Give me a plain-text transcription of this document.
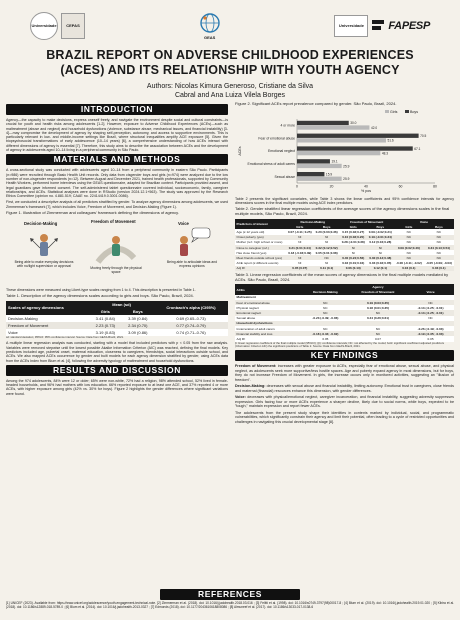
Universidade CEPAS
GEAS
Universidade FAPESP
BRAZIL REPORT ON ADVERSE CHILDHOOD EXPERIENCES
(ACES) AND ITS RELATIONSHIP WITH YOUTH AGENCY
Authors: Nicolas Kimura Generoso, Cristiane da Silva
Cabral and Ana Luiza Vilela Borges
INTRODUCTION

Agency—the capacity to make decisions, express oneself freely, and navigate the environment despite social and cultural constraints—is crucial for youth and health risks among adolescents [1-2]. However, exposure to Adverse Childhood Experiences (ACEs)—such as maltreatment (abuse and neglect) and household dysfunctions (violence, substance abuse, mechanical issues, and financial instability) [3-4]—may compromise the development of agency by shaping self-perception, autonomy, and access to supportive environments. This is particularly relevant in low- and middle-income settings like Brazil, where structural inequalities amplify ACE exposure [5]. Given the biopsychosocial transformations of early adolescence (10–14 years) [6], a comprehensive understanding of how ACEs interact with different dimensions of agency is essential [7]. Therefore, this study aims to describe the association between ACEs and the development of agency in adolescents aged 10–14 living in a peripheral community in São Paulo.

MATERIALS AND METHODS

A cross-sectional study was conducted with adolescents aged 10–14 from a peripheral community in eastern São Paulo. Participants (n=986) were recruited through Basic Health Unit records. Only data from cisgender boys and girls (n=974) were analyzed due to the low number of non-cisgender respondents (n=12). Between August and December 2021, trained health professionals, supported by Community Health Workers, performed home interviews using the GEAS questionnaire, adapted for Brazilian context. Participants provided assent, and legal guardians gave informed consent. The self-administered tablet questionnaire covered individual, socioeconomic, family, caregiver relationships, and ACEs. Statistical analyses were done in RStudio (version 2024.12.1+563). The study was approved by the Research Ethics Committee (opinion no. 4.881.519; CAAE no. 22414419.0.3001.0086).

First, we conducted a descriptive analysis of all predictors stratified by gender. To analyze agency dimensions among adolescents, we used Zimmerman's framework [7], which includes Voice, Freedom of Movement, and Decision-Making (Figure 1).

Figure 1. Illustration of Zimmerman and colleagues' framework defining the dimensions of agency.

Decision-Making	Freedom of Movement	Voice
Being able to make everyday decisions with no/light supervision or approval	Moving freely through the physical space
Being able to articulate ideas and express opinions

These dimensions were measured using Likert-type scales ranging from 1 to 4. This description is presented in Table 1.

Table 1. Description of the agency dimensions scales according to girls and boys. São Paulo, Brazil, 2024.

Scales of agency dimensions	Mean (sd)		Cronbach's alpha (CI95%)
	Girls	Boys	
Decision-Making	3.41 (0.84)	3.39 (0.84)	0.69 (0.65–0.73)
Freedom of Movement	2.23 (0.73)	2.34 (0.70)	0.77 (0.74–0.79)
Voice	3.19 (0.83)	3.09 (0.86)	0.74 (0.71–0.76)

sd: standard deviation; 95%CI: 95% confidence interval. Source: Data from GEAS-Brazil, 2021.

A multiple linear regression analysis was conducted, starting with a model that included predictors with p < 0.05 from the raw analysis. Variables were removed stepwise until the lowest possible Akaike Information Criterion (AIC) was reached, defining the final models. Key predictors included age, pubertal onset, maternal education, closeness to caregivers, friendships, social interactions outside school, and ACEs. We also mapped ACEs occurrence by gender and built models for each agency dimension stratified by gender, using ACEs data from the ACEs Index from Blum et al. [4], following the adversity typology of maltreatment and household dysfunctions.

RESULTS AND DISCUSSION

Among the 974 adolescents, 84% were 12 or older; 65% were non-white, 72% had a religion, 98% attended school, 52% lived in female-headed households, and 96% had mothers with low education. 66% reported exposure to at least one ACE, and 37% reported 4 or more ACEs, with higher exposure among girls (42% vs. 30% for boys). Figure 2 highlights the gender differences where significant variations were found.

Figure 2. Significant ACEs report prevalence compared by gender. São Paulo, Brazil, 2024.

Girls	Boys
0	20	40	60	80
% pos
ACEs
4 or more
30.0
42.0
Fear of emotional abuse
70.5
51.6
Emotional neglect
67.1
48.3
Emotional stress of adult carers
19.1
25.9
Sexual abuse
15.9
25.9

Table 2 presents the significant covariates, while Table 3 shows the linear coefficients and 95% confidence intervals for agency dimensions scores in the final multiple models using ACE index predictors.

Table 2. Gender stratified linear regression coefficients of the average scores of the agency dimensions scales in the final multiple models, São Paulo, Brazil, 2024.

Predictors of interest	Decision-Making		Freedom of Movement		Voice	
	Girls	Boys	Girls	Boys	Girls	Boys
Age (≥ 12 years old)	0.07 (-0.11; 0.25)	0.20 (0.03;0.36)	0.15 (0.03;0.27)	0.09 (-0.02;0.21)	NC	NC
Onset puberty (yes)	NI	NI	0.10 (0.03;0.20)	0.19 (-0.01;0.34)	NC	NC
Mother (ref.: high school or more)	NI	NI	0.28 (-0.01;0.38)	0.12 (0.04;0.28)	NC	NC
Close to caregiver (ref.)	0.21 (0.01;0.44)	0.32 (0.12;0.52)	NI	NI	0.09 (0.02;0.46)	0.34 (0.13;0.54)
Has close friend (yes)	0.18 (-0.03;0.39)	0.05 (0.01;0.68)	NI	NI	NC	NC
Meet friends outside school (yes)	NI	NC	0.40 (0.24;0.56)	0.30 (0.12;0.48)	NC	NC
ACE report (≥ different events)	NI	NI	0.02 (0.01;0.04)	0.03 (0.02;0.05)	-0.06 (-0.11; -0.02)	-0.05 (-0.09; -0.03)
Adj R²	0.05 (0.07)	0.11 (0.1)	0.06 (0.13)	0.12 (0.1)	0.04 (0.1)	0.03 (0.1)

Table 3. Linear regression coefficients of the mean scores of agency dimensions in the final multiple models mediated by ACEs. São Paulo, Brazil, 2024.

ACEs	Agency		
	Decision-Making	Freedom of Movement	Voice
Maltreatment			
Fear of emotional abuse	NC	0.19 (0.03;0.35)	NC
Physical neglect	NC	0.18 (0.01;0.35)	-0.13 (-0.25; -0.01)
Emotional neglect	NC	NC	-0.13 (-0.25; -0.01)
Sexual abuse	-0.23 (-0.39; -0.06)	0.44 (0.26;0.61)	NC
Household dysfunctions			
Incarceration of adult carers	NC	NC	-0.26 (-0.49; -0.03)
Financial stability and loss	-0.18 (-0.34; -0.02)	NC	-0.19 (-0.35; -0.03)
Adj R²	0.05	0.07	0.05

β: linear regression coefficient of the final multiple model (95%CI); (β): confidence intervals; NC: not affected by the model; bold: significant coefficient adjusted predictors (Information Criterion AIC) the significant predictors of Table 2. Source: Data from GEAS-Brazil, 2021.

KEY FINDINGS

Freedom of Movement: increases with greater exposure to ACEs, especially fear of emotional abuse, sexual abuse, and physical neglect, as adolescents seek more supportive/less hostile spaces. Age and puberty expand agency in most dimensions, but for boys, they do not increase Freedom of Movement. In girls, the increase occurs only in monitored activities, suggesting an "illusion of freedom".

Decision-Making: decreases with sexual abuse and financial instability, limiting autonomy. Emotional trust in caregivers, close friends and maternal (financial) resources enhance this dimension, with gender differences.

Voice: decreases with physical/emotional neglect, caregiver incarceration, and financial instability, suggesting adversity suppresses expression. Girls facing four or more ACEs experience a sharper decline, likely due to social norms, while boys, expected to be "tough," maintain expression and report fewer ACEs.

The adolescents from the present study shape their identities in contexts marked by individual, social, and programmatic vulnerabilities, which significantly constrain their agency and limit their potential, often leading to a cycle of restricted opportunities and challenges in navigating this crucial developmental stage [8].

REFERENCES

[1] UNICEF (2023). Available from: https://www.unicef.org/adolescence/youth-engagement-technical-note. [2] Zimmerman et al. (2018). doi: 10.1016/j.jadohealth.2018.03.016 ; [3] Felitti et al. (1998). doi: 10.1016/s0749-3797(98)00017-8 ; [4] Blum et al. (2019). doi: 10.1016/j.jadohealth.2019.01.020 ; [5] Kibira et al. (2018). doi: 10.1186/s12889-018-5789-0 ; [6] Blum et al. (2014). doi: 10.1016/j.jadohealth-2013-0327 ; [7] Edmonds (2018). doi: 10.1177/2043610618808086 ; [8] Almuneef et al. (2017). doi: 10.1186/s13033-017-0138-6
